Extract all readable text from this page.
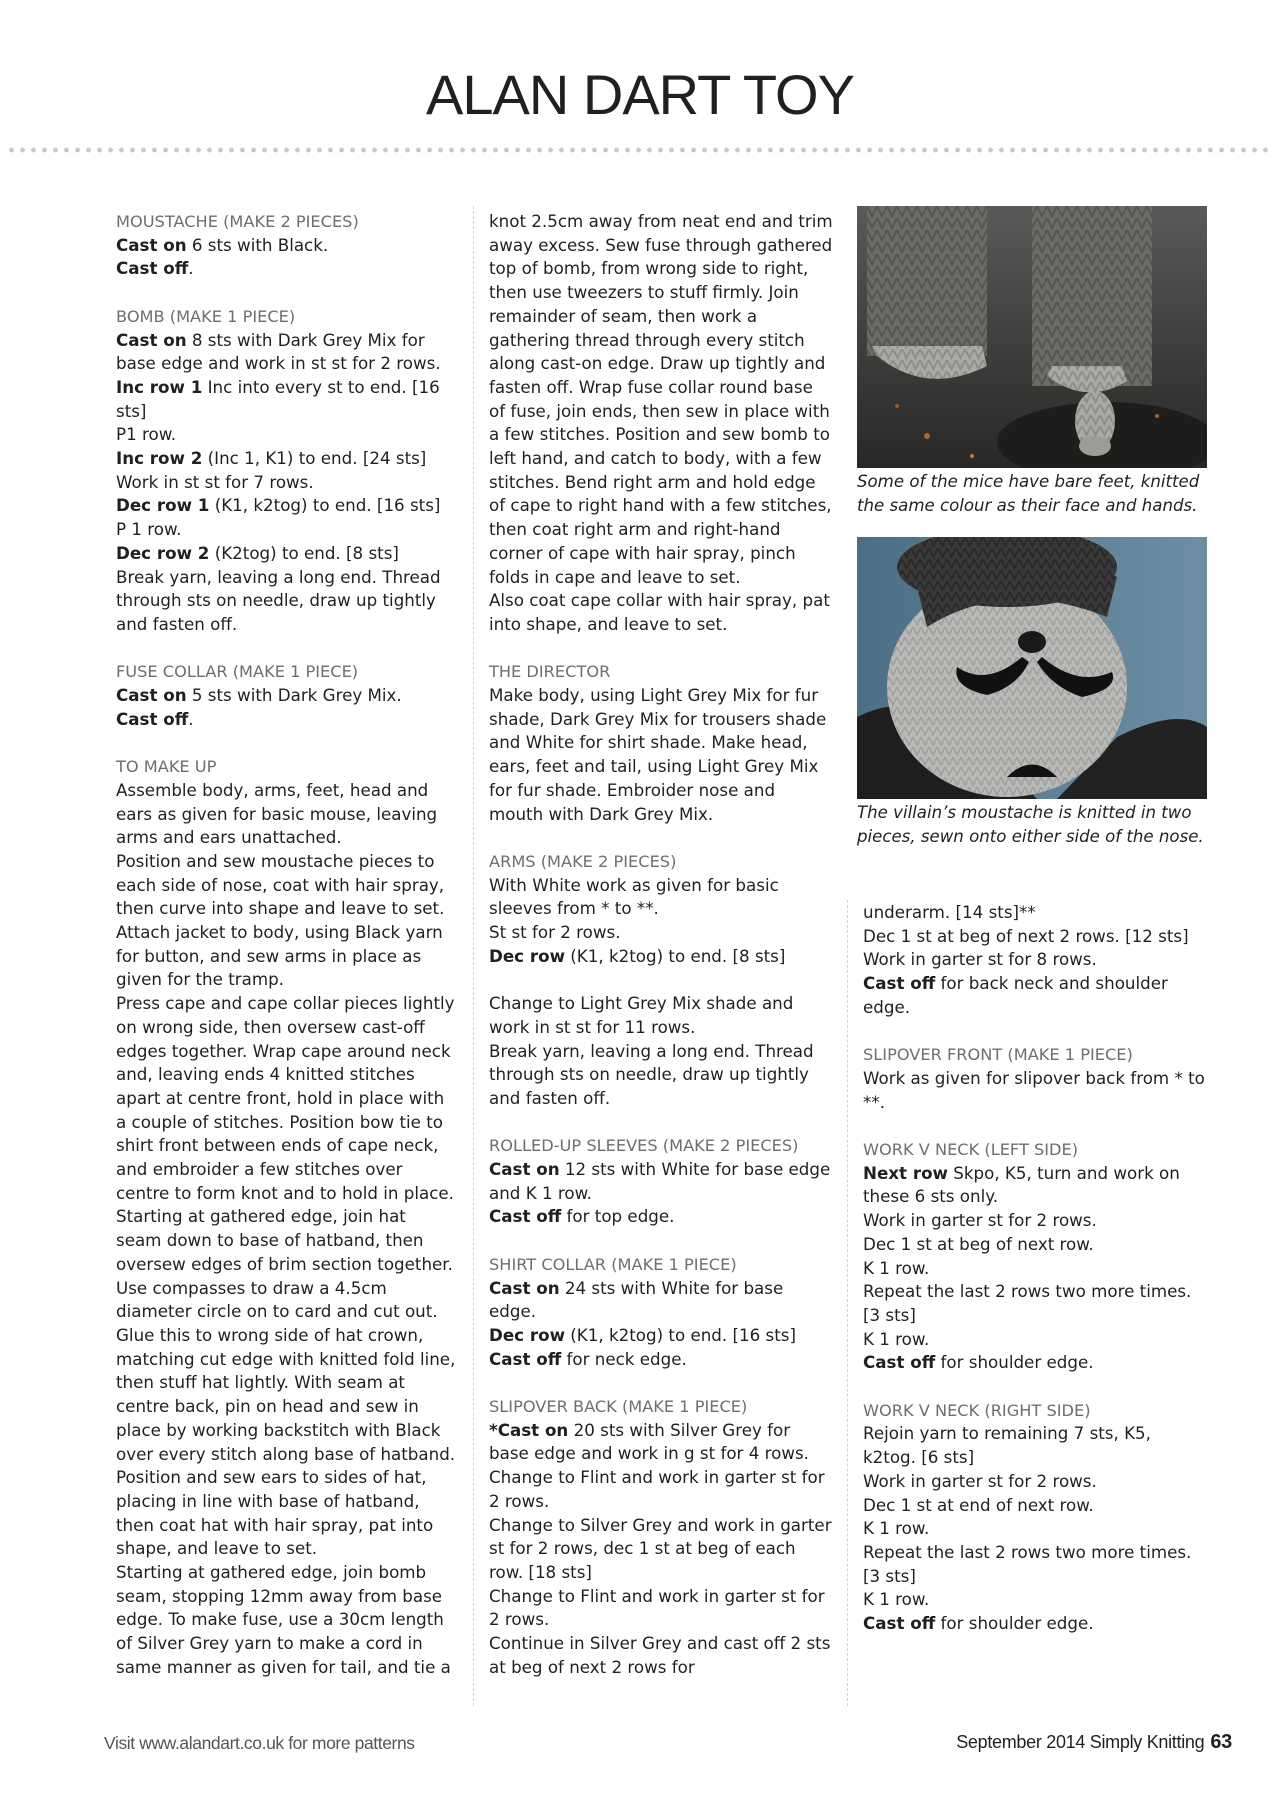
ALAN DART TOY

MOUSTACHE (MAKE 2 PIECES)

Cast on 6 sts with Black.

Cast off.

BOMB (MAKE 1 PIECE)

Cast on 8 sts with Dark Grey Mix for base edge and work in st st for 2 rows.

Inc row 1 Inc into every st to end. [16 sts]

P1 row.

Inc row 2 (Inc 1, K1) to end. [24 sts]

Work in st st for 7 rows.

Dec row 1 (K1, k2tog) to end. [16 sts]

P 1 row.

Dec row 2 (K2tog) to end. [8 sts]

Break yarn, leaving a long end. Thread through sts on needle, draw up tightly and fasten off.

FUSE COLLAR (MAKE 1 PIECE)

Cast on 5 sts with Dark Grey Mix.

Cast off.

TO MAKE UP

Assemble body, arms, feet, head and ears as given for basic mouse, leaving arms and ears unattached.

Position and sew moustache pieces to each side of nose, coat with hair spray, then curve into shape and leave to set. Attach jacket to body, using Black yarn for button, and sew arms in place as given for the tramp.

Press cape and cape collar pieces lightly on wrong side, then oversew cast-off edges together. Wrap cape around neck and, leaving ends 4 knitted stitches apart at centre front, hold in place with a couple of stitches. Position bow tie to shirt front between ends of cape neck, and embroider a few stitches over centre to form knot and to hold in place.

Starting at gathered edge, join hat seam down to base of hatband, then oversew edges of brim section together. Use compasses to draw a 4.5cm diameter circle on to card and cut out. Glue this to wrong side of hat crown, matching cut edge with knitted fold line, then stuff hat lightly. With seam at centre back, pin on head and sew in place by working backstitch with Black over every stitch along base of hatband. Position and sew ears to sides of hat, placing in line with base of hatband, then coat hat with hair spray, pat into shape, and leave to set.

Starting at gathered edge, join bomb seam, stopping 12mm away from base edge. To make fuse, use a 30cm length of Silver Grey yarn to make a cord in same manner as given for tail, and tie a

knot 2.5cm away from neat end and trim away excess. Sew fuse through gathered top of bomb, from wrong side to right, then use tweezers to stuff firmly. Join remainder of seam, then work a gathering thread through every stitch along cast-on edge. Draw up tightly and fasten off. Wrap fuse collar round base of fuse, join ends, then sew in place with a few stitches. Position and sew bomb to left hand, and catch to body, with a few stitches. Bend right arm and hold edge of cape to right hand with a few stitches, then coat right arm and right-hand corner of cape with hair spray, pinch folds in cape and leave to set.

Also coat cape collar with hair spray, pat into shape, and leave to set.

THE DIRECTOR

Make body, using Light Grey Mix for fur shade, Dark Grey Mix for trousers shade and White for shirt shade. Make head, ears, feet and tail, using Light Grey Mix for fur shade. Embroider nose and mouth with Dark Grey Mix.

ARMS (MAKE 2 PIECES)

With White work as given for basic sleeves from * to **.

St st for 2 rows.

Dec row (K1, k2tog) to end. [8 sts]

Change to Light Grey Mix shade and work in st st for 11 rows.

Break yarn, leaving a long end. Thread through sts on needle, draw up tightly and fasten off.

ROLLED-UP SLEEVES (MAKE 2 PIECES)

Cast on 12 sts with White for base edge and K 1 row.

Cast off for top edge.

SHIRT COLLAR (MAKE 1 PIECE)

Cast on 24 sts with White for base edge.

Dec row (K1, k2tog) to end. [16 sts]

Cast off for neck edge.

SLIPOVER BACK (MAKE 1 PIECE)

*Cast on 20 sts with Silver Grey for base edge and work in g st for 4 rows.

Change to Flint and work in garter st for 2 rows.

Change to Silver Grey and work in garter st for 2 rows, dec 1 st at beg of each row. [18 sts]

Change to Flint and work in garter st for 2 rows.

Continue in Silver Grey and cast off 2 sts at beg of next 2 rows for

underarm. [14 sts]**

Dec 1 st at beg of next 2 rows. [12 sts]

Work in garter st for 8 rows.

Cast off for back neck and shoulder edge.

SLIPOVER FRONT (MAKE 1 PIECE)

Work as given for slipover back from * to **.

WORK V NECK (LEFT SIDE)

Next row Skpo, K5, turn and work on these 6 sts only.

Work in garter st for 2 rows.

Dec 1 st at beg of next row.

K 1 row.

Repeat the last 2 rows two more times. [3 sts]

K 1 row.

Cast off for shoulder edge.

WORK V NECK (RIGHT SIDE)

Rejoin yarn to remaining 7 sts, K5, k2tog. [6 sts]

Work in garter st for 2 rows.

Dec 1 st at end of next row.

K 1 row.

Repeat the last 2 rows two more times. [3 sts]

K 1 row.

Cast off for shoulder edge.

Some of the mice have bare feet, knitted the same colour as their face and hands.
The villain’s moustache is knitted in two pieces, sewn onto either side of the nose.
Visit www.alandart.co.uk for more patterns	September 2014 Simply Knitting 63
